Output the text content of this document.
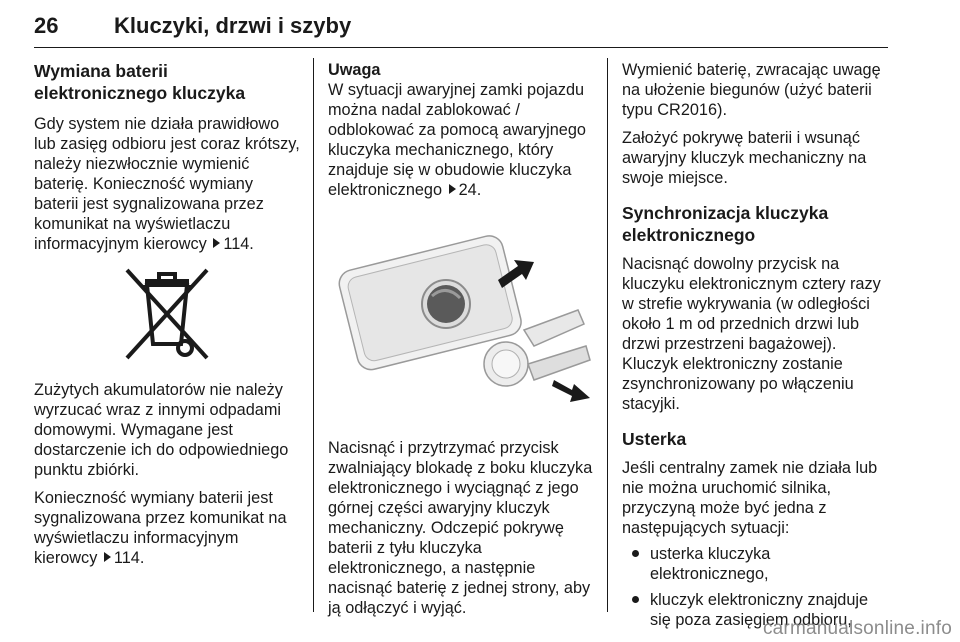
26	Kluczyki, drzwi i szyby
Wymiana baterii elektronicznego kluczyka

Gdy system nie działa prawidłowo lub zasięg odbioru jest coraz krótszy, należy niezwłocznie wymienić baterię. Konieczność wymiany baterii jest sygnalizowana przez komunikat na wyświetlaczu informacyjnym kierowcy 114.

Zużytych akumulatorów nie należy wyrzucać wraz z innymi odpadami domowymi. Wymagane jest dostarczenie ich do odpowiedniego punktu zbiórki.

Konieczność wymiany baterii jest sygnalizowana przez komunikat na wyświetlaczu informacyjnym kierowcy 114.

Uwaga

W sytuacji awaryjnej zamki pojazdu można nadal zablokować / odblokować za pomocą awaryjnego kluczyka mechanicznego, który znajduje się w obudowie kluczyka elektronicznego 24.

Nacisnąć i przytrzymać przycisk zwalniający blokadę z boku kluczyka elektronicznego i wyciągnąć z jego górnej części awaryjny kluczyk mechaniczny. Odczepić pokrywę baterii z tyłu kluczyka elektronicznego, a następnie nacisnąć baterię z jednej strony, aby ją odłączyć i wyjąć.

Wymienić baterię, zwracając uwagę na ułożenie biegunów (użyć baterii typu CR2016).

Założyć pokrywę baterii i wsunąć awaryjny kluczyk mechaniczny na swoje miejsce.

Synchronizacja kluczyka elektronicznego

Nacisnąć dowolny przycisk na kluczyku elektronicznym cztery razy w strefie wykrywania (w odległości około 1 m od przednich drzwi lub drzwi przestrzeni bagażowej). Kluczyk elektroniczny zostanie zsynchronizowany po włączeniu stacyjki.

Usterka

Jeśli centralny zamek nie działa lub nie można uruchomić silnika, przyczyną może być jedna z następujących sytuacji:

usterka kluczyka elektronicznego,
kluczyk elektroniczny znajduje się poza zasięgiem odbioru,
carmanualsonline.info
